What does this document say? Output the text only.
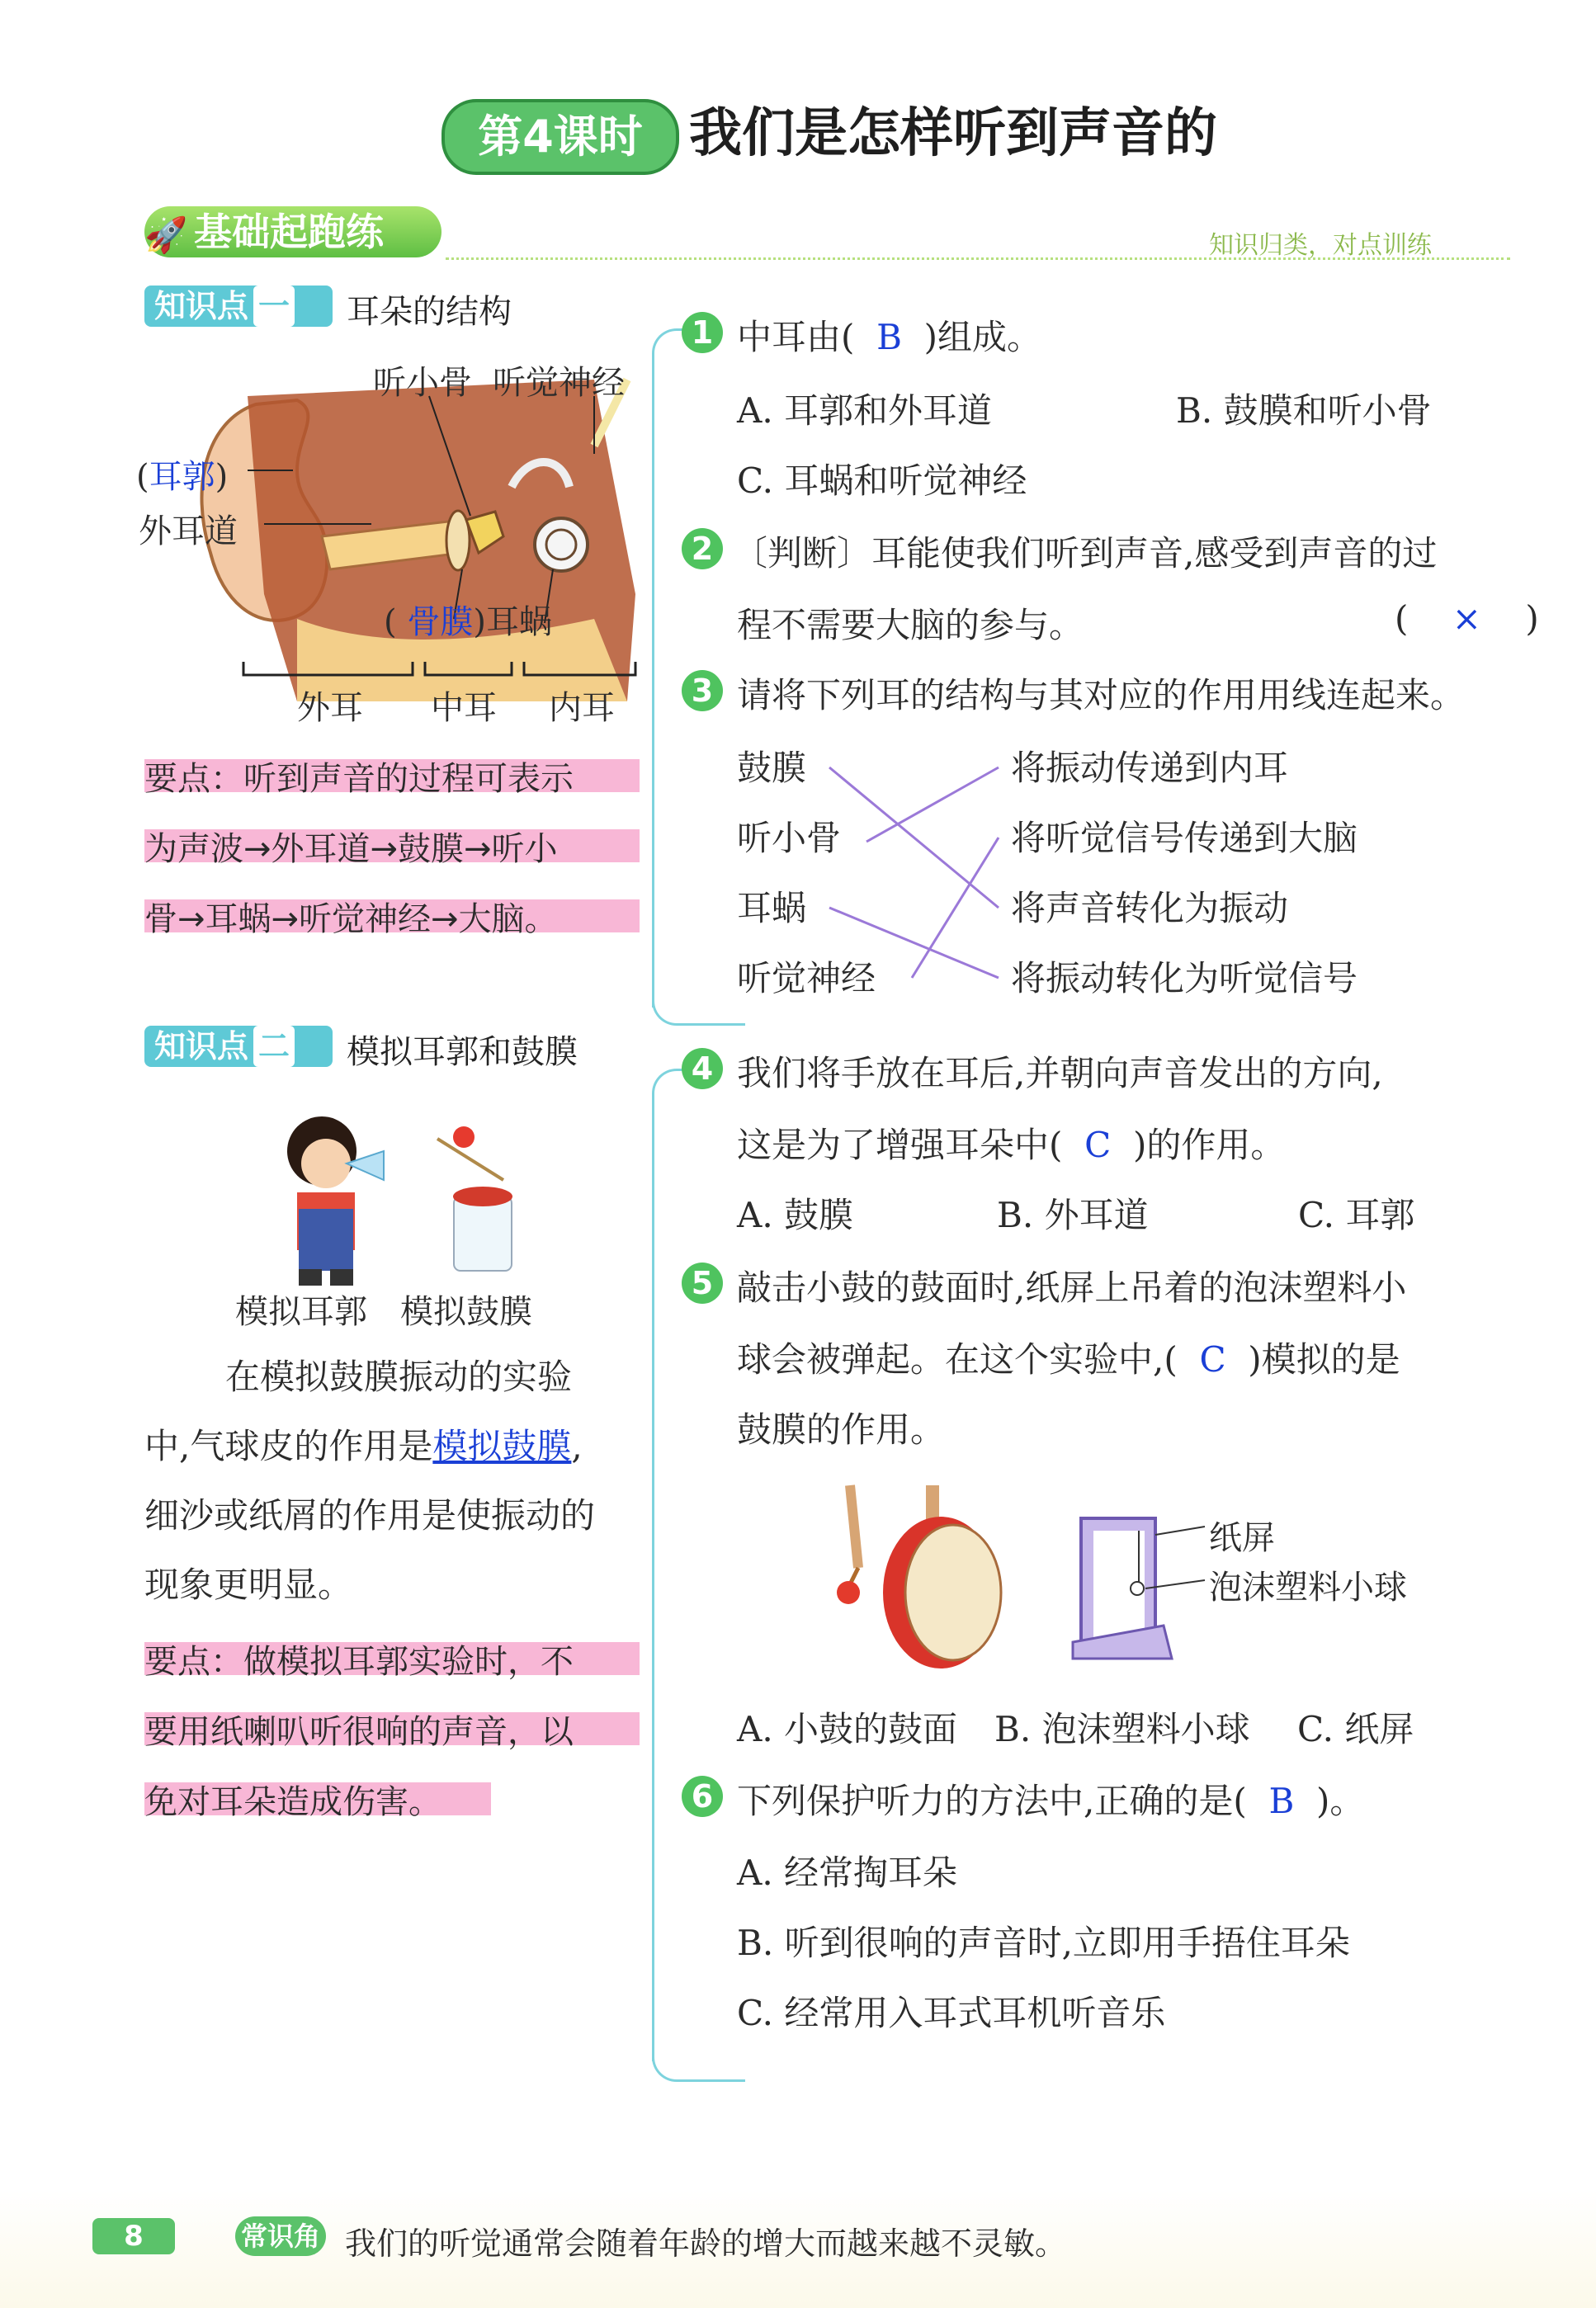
第4课时 我们是怎样听到声音的
基础起跑练
🚀	知识归类，对点训练
知识点 一	耳朵的结构
听小骨 听觉神经
(耳郭)
外耳道
( 骨膜)耳蜗
外耳 中耳 内耳
要点：听到声音的过程可表示
为声波→外耳道→鼓膜→听小
骨→耳蜗→听觉神经→大脑。
知识点 二	模拟耳郭和鼓膜
模拟耳郭 模拟鼓膜
在模拟鼓膜振动的实验
中,气球皮的作用是模拟鼓膜,
细沙或纸屑的作用是使振动的
现象更明显。
要点：做模拟耳郭实验时，不
要用纸喇叭听很响的声音，以
免对耳朵造成伤害。
1 中耳由( B )组成。
A. 耳郭和外耳道	B. 鼓膜和听小骨
C. 耳蜗和听觉神经
2 〔判断〕耳能使我们听到声音,感受到声音的过
程不需要大脑的参与。	( × )
3 请将下列耳的结构与其对应的作用用线连起来。
鼓膜
听小骨
耳蜗
听觉神经
将振动传递到内耳
将听觉信号传递到大脑
将声音转化为振动
将振动转化为听觉信号
4 我们将手放在耳后,并朝向声音发出的方向,
这是为了增强耳朵中( C )的作用。
A. 鼓膜	B. 外耳道	C. 耳郭
5 敲击小鼓的鼓面时,纸屏上吊着的泡沫塑料小
球会被弹起。在这个实验中,( C )模拟的是
鼓膜的作用。
纸屏
泡沫塑料小球
A. 小鼓的鼓面 B. 泡沫塑料小球 C. 纸屏
6 下列保护听力的方法中,正确的是( B )。
A. 经常掏耳朵
B. 听到很响的声音时,立即用手捂住耳朵
C. 经常用入耳式耳机听音乐
8	常识角 我们的听觉通常会随着年龄的增大而越来越不灵敏。
